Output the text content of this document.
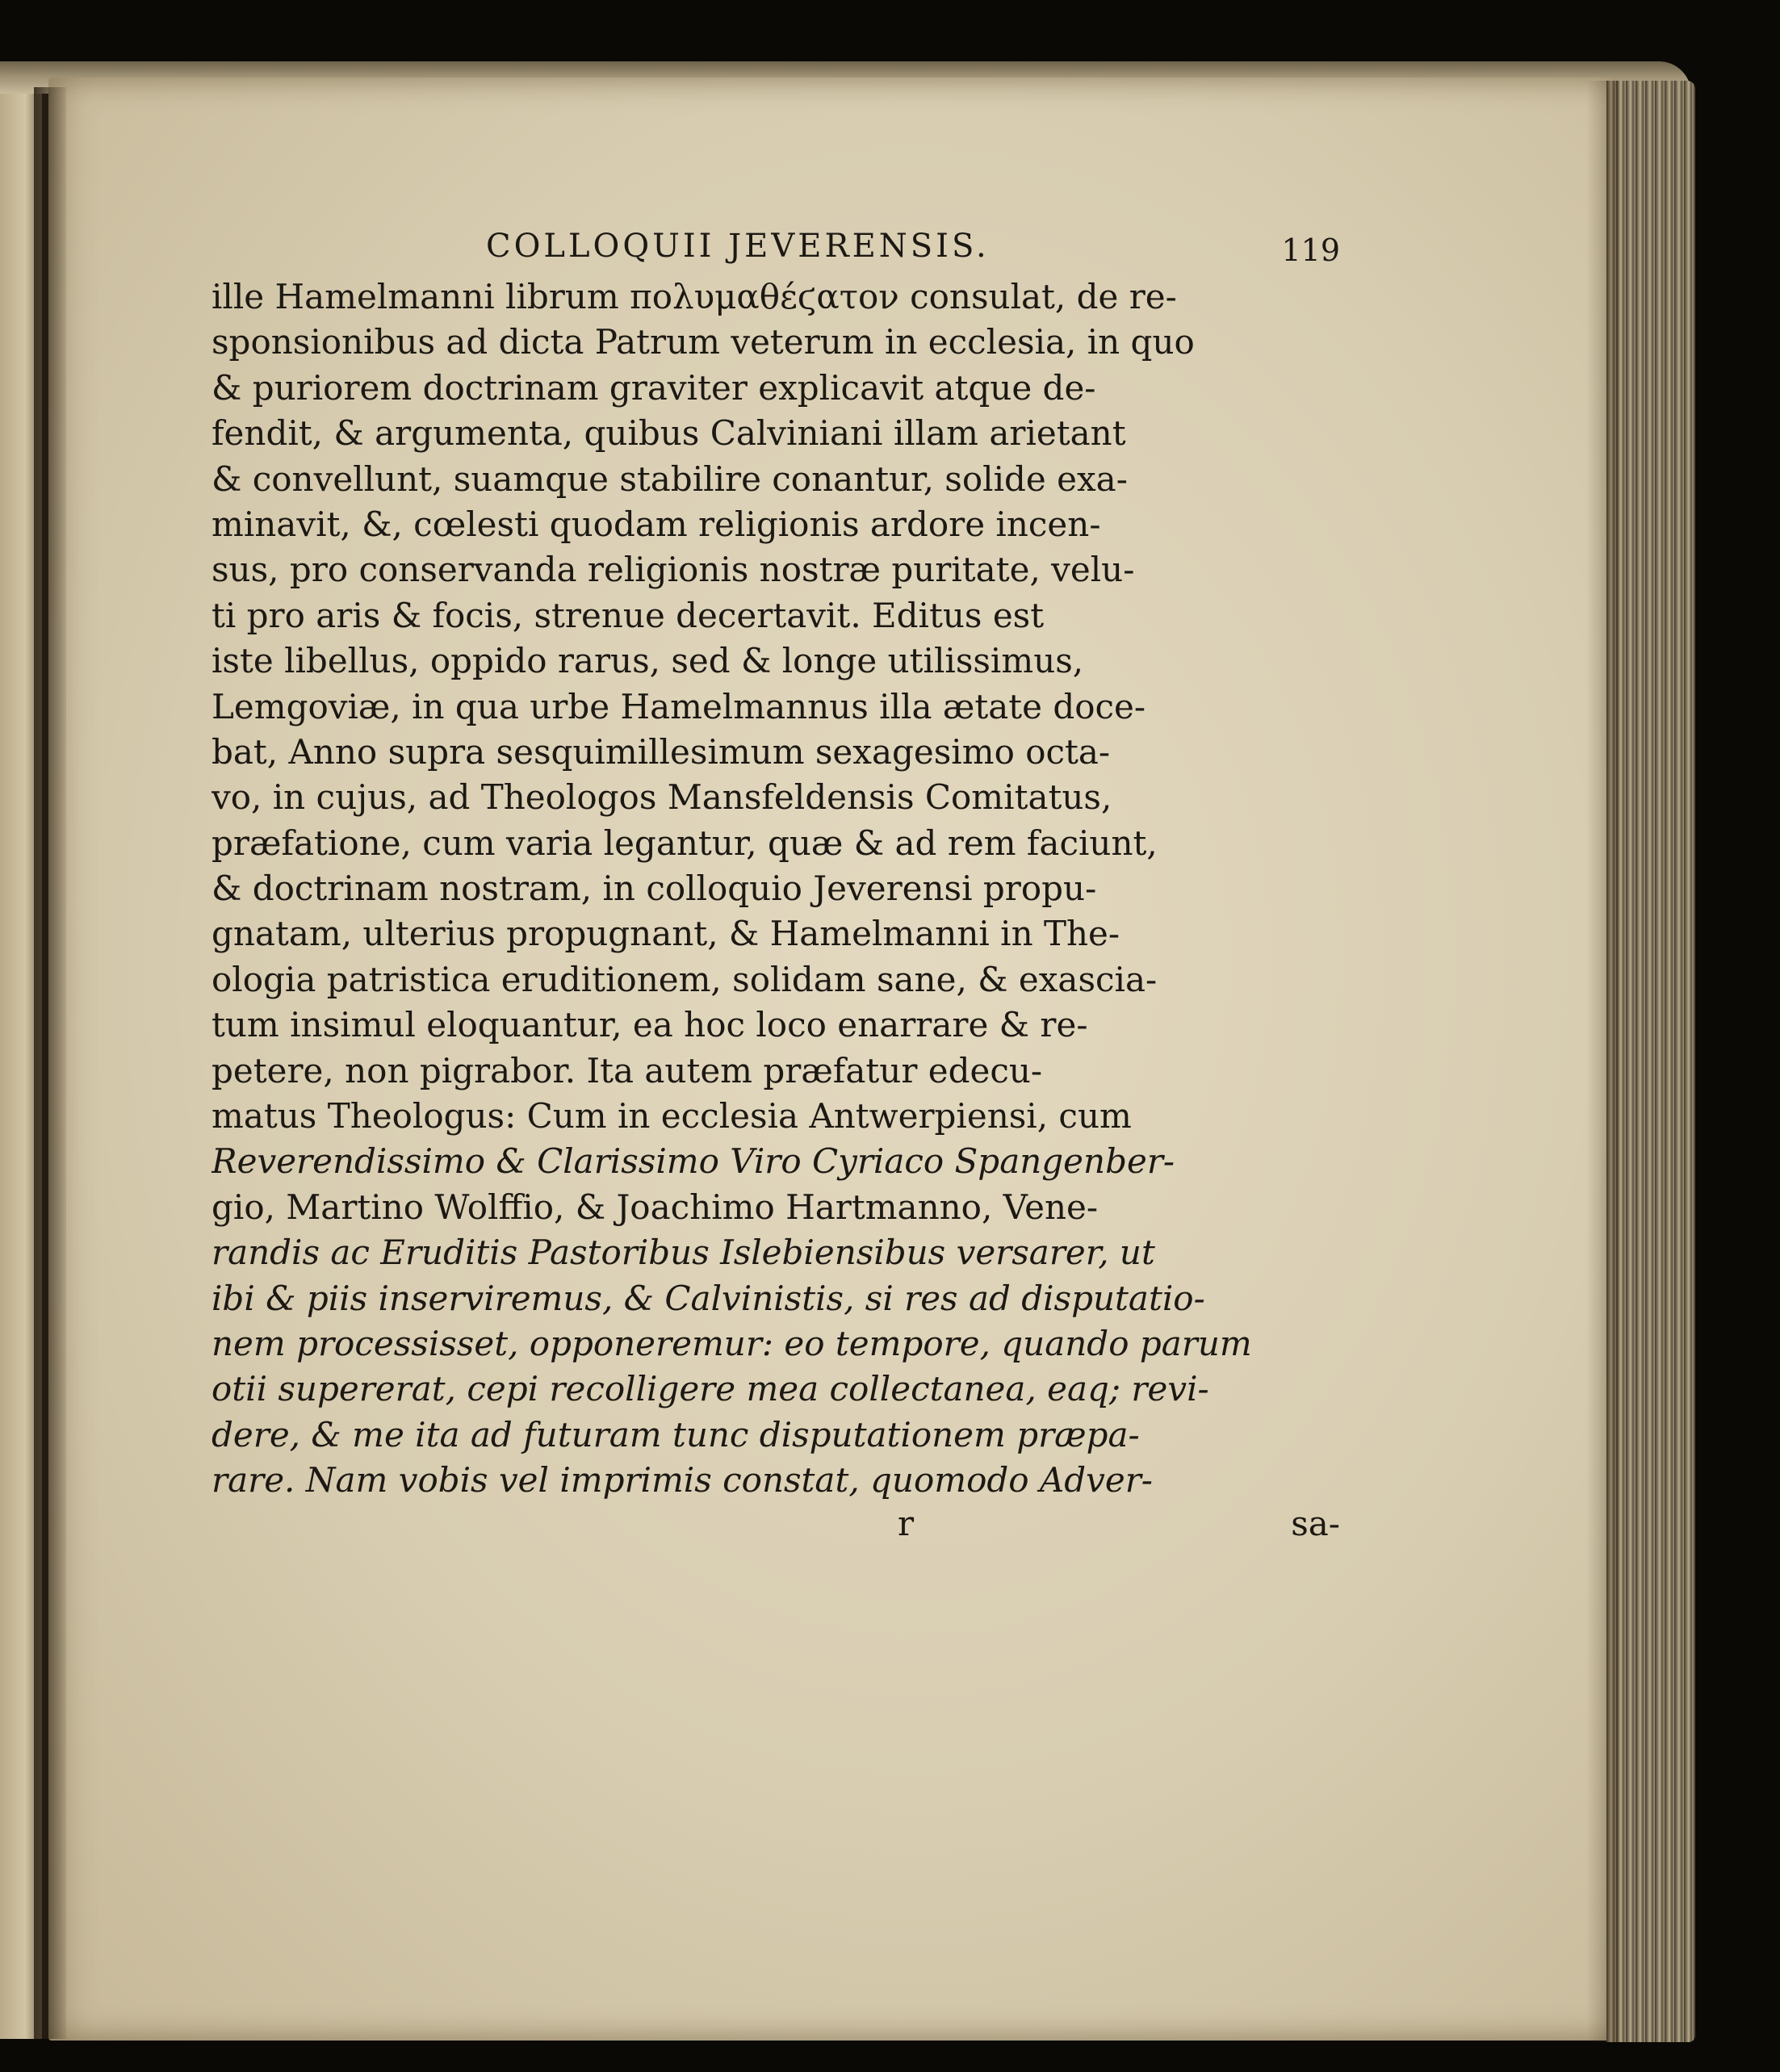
COLLOQUII JEVERENSIS.	119
ille Hamelmanni librum πολυμαθέϛατον consulat, de re-
sponsionibus ad dicta Patrum veterum in ecclesia, in quo
& puriorem doctrinam graviter explicavit atque de-
fendit, & argumenta, quibus Calviniani illam arietant
& convellunt, suamque stabilire conantur, solide exa-
minavit, &, cœlesti quodam religionis ardore incen-
sus, pro conservanda religionis nostræ puritate, velu-
ti pro aris & focis, strenue decertavit. Editus est
iste libellus, oppido rarus, sed & longe utilissimus,
Lemgoviæ, in qua urbe Hamelmannus illa ætate doce-
bat, Anno supra sesquimillesimum sexagesimo octa-
vo, in cujus, ad Theologos Mansfeldensis Comitatus,
præfatione, cum varia legantur, quæ & ad rem faciunt,
& doctrinam nostram, in colloquio Jeverensi propu-
gnatam, ulterius propugnant, & Hamelmanni in The-
ologia patristica eruditionem, solidam sane, & exascia-
tum insimul eloquantur, ea hoc loco enarrare & re-
petere, non pigrabor. Ita autem præfatur edecu-
matus Theologus: Cum in ecclesia Antwerpiensi, cum
Reverendissimo & Clarissimo Viro Cyriaco Spangenber-
gio, Martino Wolffio, & Joachimo Hartmanno, Vene-
randis ac Eruditis Pastoribus Islebiensibus versarer, ut
ibi & piis inserviremus, & Calvinistis, si res ad disputatio-
nem processisset, opponeremur: eo tempore, quando parum
otii supererat, cepi recolligere mea collectanea, eaq; revi-
dere, & me ita ad futuram tunc disputationem præpa-
rare. Nam vobis vel imprimis constat, quomodo Adver-
r	sa-
